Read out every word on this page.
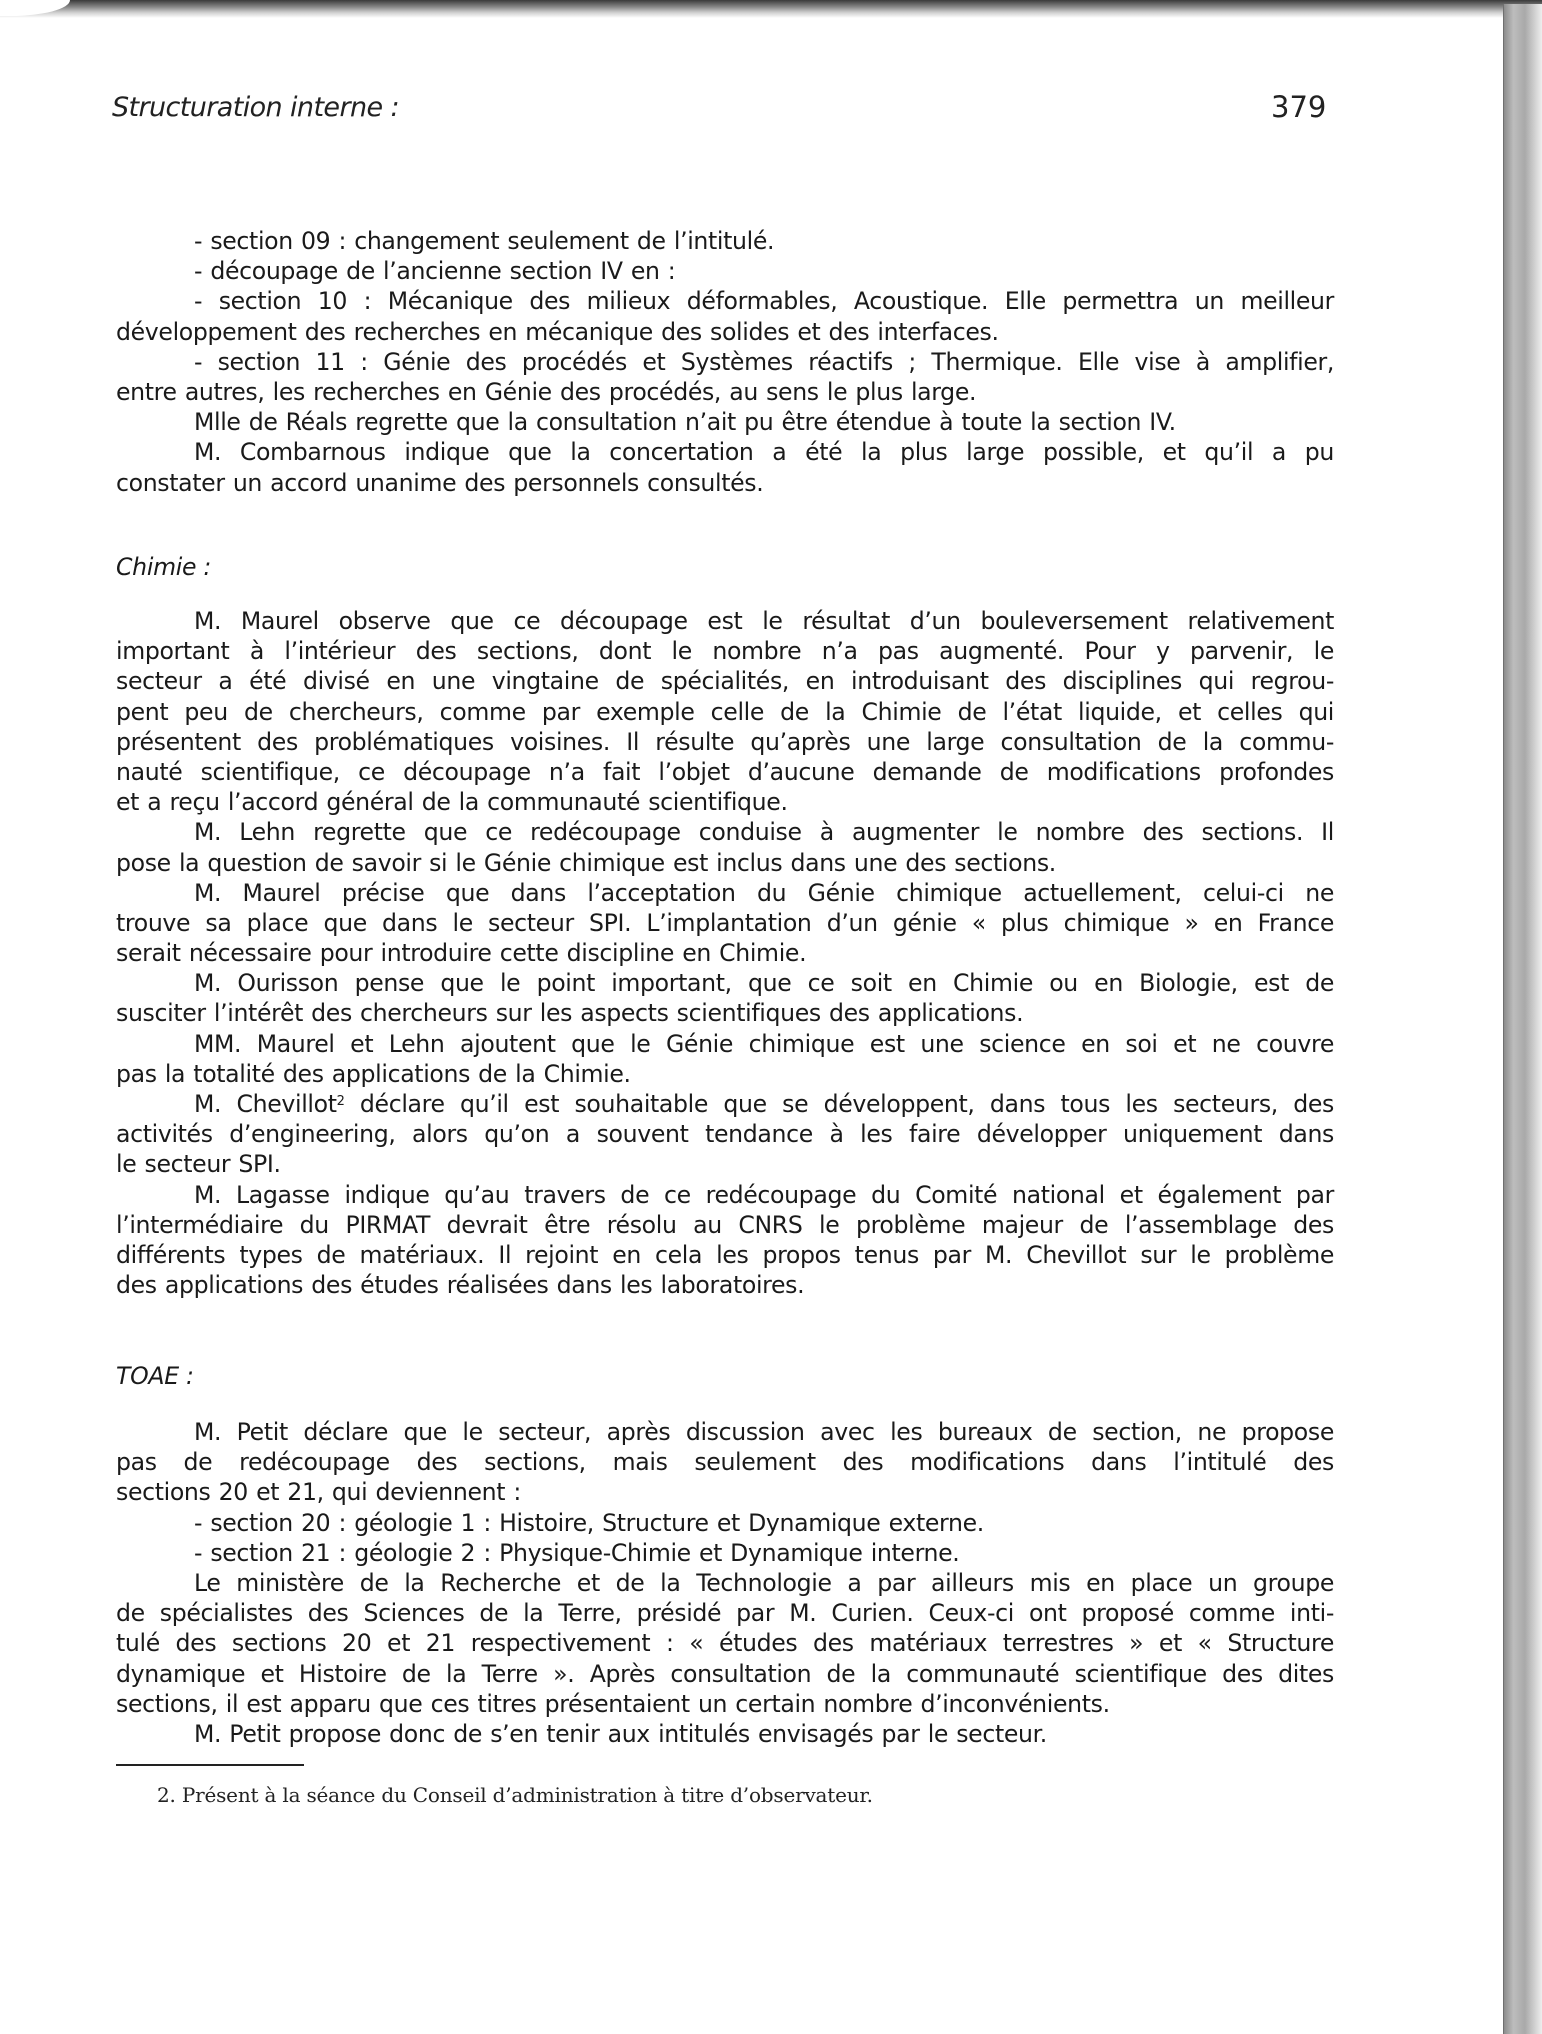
Structuration interne :	379
- section 09 : changement seulement de l’intitulé.
- découpage de l’ancienne section IV en :
- section 10 : Mécanique des milieux déformables, Acoustique. Elle permettra un meilleur
développement des recherches en mécanique des solides et des interfaces.
- section 11 : Génie des procédés et Systèmes réactifs ; Thermique. Elle vise à amplifier,
entre autres, les recherches en Génie des procédés, au sens le plus large.
Mlle de Réals regrette que la consultation n’ait pu être étendue à toute la section IV.
M. Combarnous indique que la concertation a été la plus large possible, et qu’il a pu
constater un accord unanime des personnels consultés.
Chimie :
M. Maurel observe que ce découpage est le résultat d’un bouleversement relativement
important à l’intérieur des sections, dont le nombre n’a pas augmenté. Pour y parvenir, le
secteur a été divisé en une vingtaine de spécialités, en introduisant des disciplines qui regrou-
pent peu de chercheurs, comme par exemple celle de la Chimie de l’état liquide, et celles qui
présentent des problématiques voisines. Il résulte qu’après une large consultation de la commu-
nauté scientifique, ce découpage n’a fait l’objet d’aucune demande de modifications profondes
et a reçu l’accord général de la communauté scientifique.
M. Lehn regrette que ce redécoupage conduise à augmenter le nombre des sections. Il
pose la question de savoir si le Génie chimique est inclus dans une des sections.
M. Maurel précise que dans l’acceptation du Génie chimique actuellement, celui-ci ne
trouve sa place que dans le secteur SPI. L’implantation d’un génie « plus chimique » en France
serait nécessaire pour introduire cette discipline en Chimie.
M. Ourisson pense que le point important, que ce soit en Chimie ou en Biologie, est de
susciter l’intérêt des chercheurs sur les aspects scientifiques des applications.
MM. Maurel et Lehn ajoutent que le Génie chimique est une science en soi et ne couvre
pas la totalité des applications de la Chimie.
M. Chevillot$^2$ déclare qu’il est souhaitable que se développent, dans tous les secteurs, des
activités d’engineering, alors qu’on a souvent tendance à les faire développer uniquement dans
le secteur SPI.
M. Lagasse indique qu’au travers de ce redécoupage du Comité national et également par
l’intermédiaire du PIRMAT devrait être résolu au CNRS le problème majeur de l’assemblage des
différents types de matériaux. Il rejoint en cela les propos tenus par M. Chevillot sur le problème
des applications des études réalisées dans les laboratoires.
TOAE :
M. Petit déclare que le secteur, après discussion avec les bureaux de section, ne propose
pas de redécoupage des sections, mais seulement des modifications dans l’intitulé des
sections 20 et 21, qui deviennent :
- section 20 : géologie 1 : Histoire, Structure et Dynamique externe.
- section 21 : géologie 2 : Physique-Chimie et Dynamique interne.
Le ministère de la Recherche et de la Technologie a par ailleurs mis en place un groupe
de spécialistes des Sciences de la Terre, présidé par M. Curien. Ceux-ci ont proposé comme inti-
tulé des sections 20 et 21 respectivement : « études des matériaux terrestres » et « Structure
dynamique et Histoire de la Terre ». Après consultation de la communauté scientifique des dites
sections, il est apparu que ces titres présentaient un certain nombre d’inconvénients.
M. Petit propose donc de s’en tenir aux intitulés envisagés par le secteur.
2. Présent à la séance du Conseil d’administration à titre d’observateur.
